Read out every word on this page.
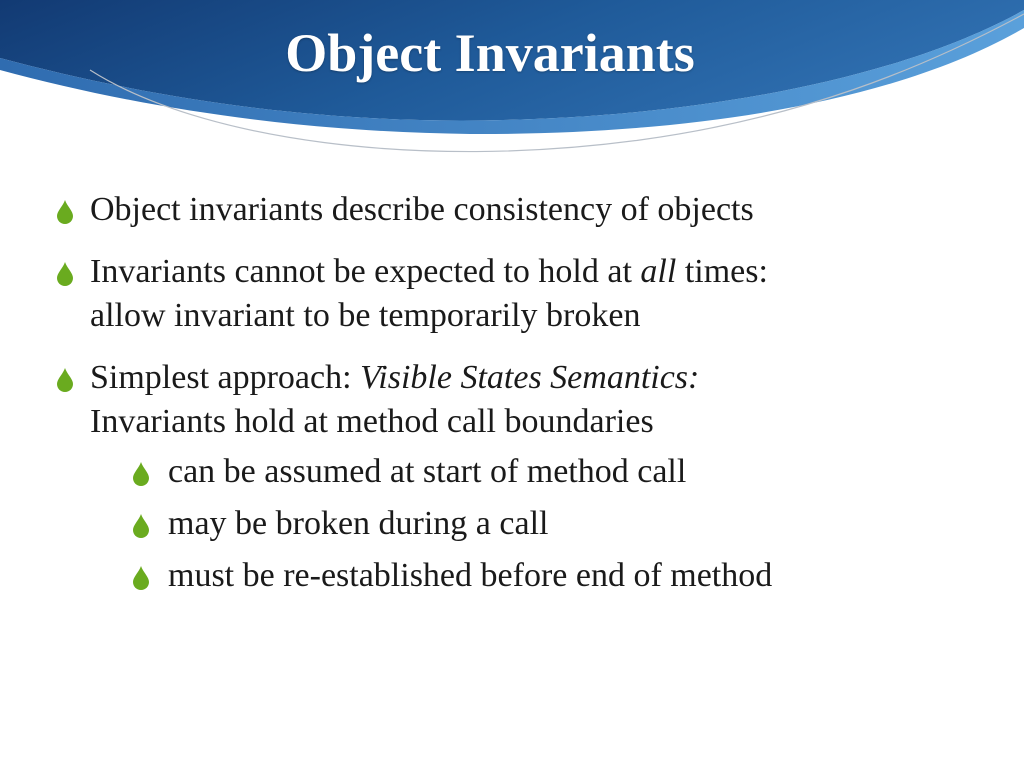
Object Invariants
Object invariants describe consistency of objects
Invariants cannot be expected to hold at all times:
allow invariant to be temporarily broken
Simplest approach: Visible States Semantics:
Invariants hold at method call boundaries
can be assumed at start of method call
may be broken during a call
must be re-established before end of method
